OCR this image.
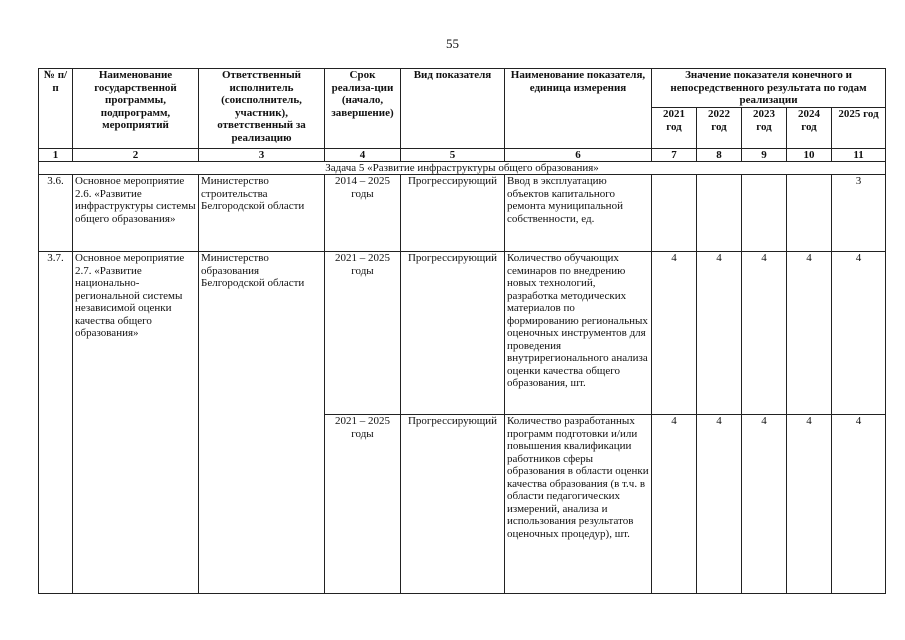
55
№ п/п	Наименование государственной программы, подпрограмм, мероприятий	Ответственный исполнитель (соисполнитель, участник), ответственный за реализацию	Срок реализа-ции (начало, завершение)	Вид показателя	Наименование показателя, единица измерения	Значение показателя конечного и непосредственного результата по годам реализации				
						2021 год	2022 год	2023 год	2024 год	2025 год
1	2	3	4	5	6	7	8	9	10	11
Задача 5 «Развитие инфраструктуры общего образования»										
3.6.	Основное мероприятие 2.6. «Развитие инфраструктуры системы общего образования»	Министерство строительства Белгородской области	2014 – 2025 годы	Прогрессирующий	Ввод в эксплуатацию объектов капитального ремонта муниципальной собственности, ед.					3
3.7.	Основное мероприятие 2.7. «Развитие национально-региональной системы независимой оценки качества общего образования»	Министерство образования Белгородской области	2021 – 2025 годы	Прогрессирующий	Количество обучающих семинаров по внедрению новых технологий, разработка методических материалов по формированию региональных оценочных инструментов для проведения внутрирегионального анализа оценки качества общего образования, шт.	4	4	4	4	4
			2021 – 2025 годы	Прогрессирующий	Количество разработанных программ подготовки и/или повышения квалификации работников сферы образования в области оценки качества образования (в т.ч. в области педагогических измерений, анализа и использования результатов оценочных процедур), шт.	4	4	4	4	4
